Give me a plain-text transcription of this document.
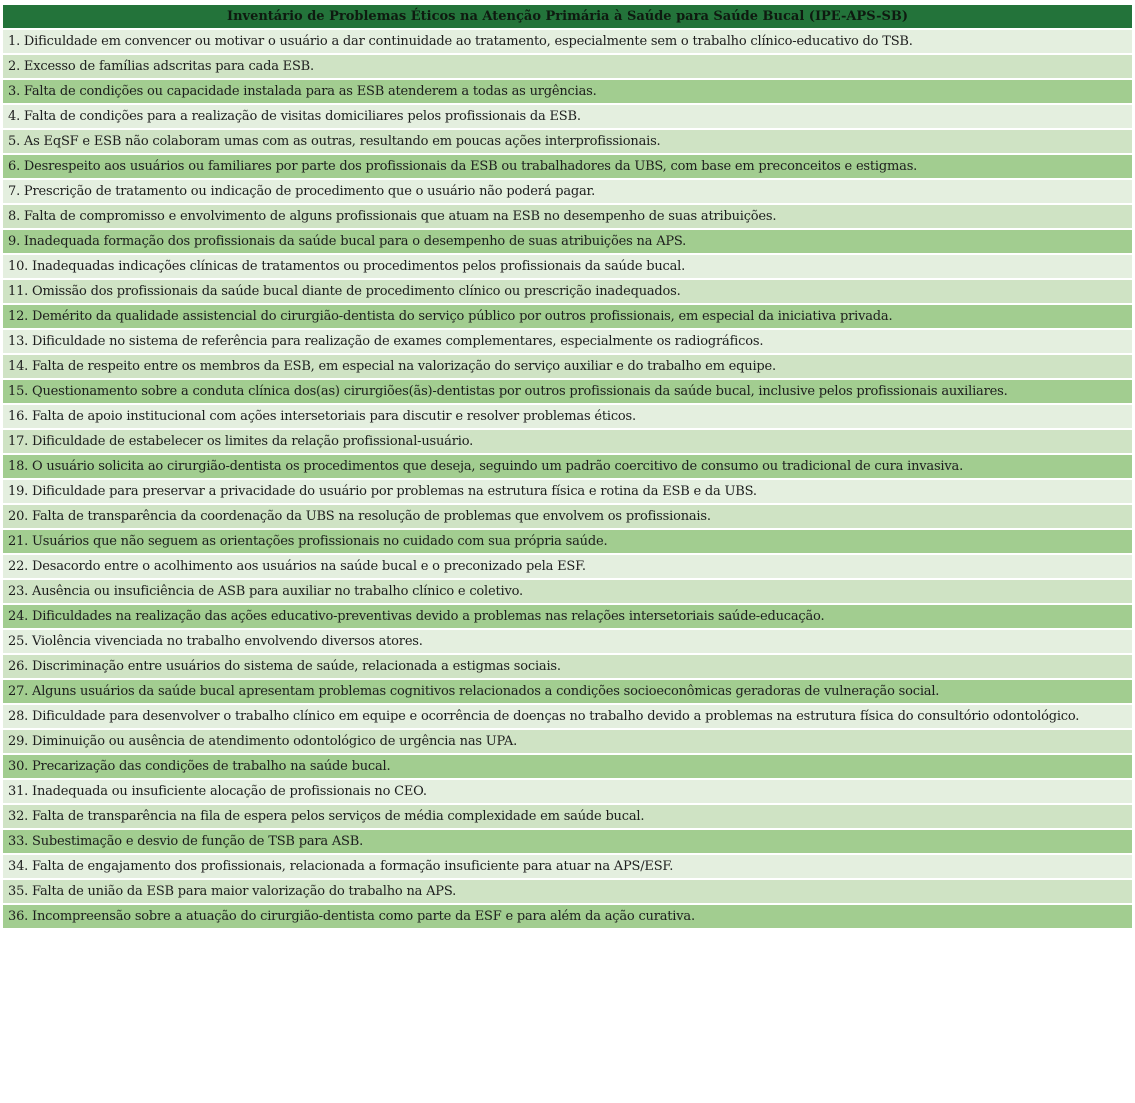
Inventário de Problemas Éticos na Atenção Primária à Saúde para Saúde Bucal (IPE-APS-SB)
1. Dificuldade em convencer ou motivar o usuário a dar continuidade ao tratamento, especialmente sem o trabalho clínico-educativo do TSB.
2. Excesso de famílias adscritas para cada ESB.
3. Falta de condições ou capacidade instalada para as ESB atenderem a todas as urgências.
4. Falta de condições para a realização de visitas domiciliares pelos profissionais da ESB.
5. As EqSF e ESB não colaboram umas com as outras, resultando em poucas ações interprofissionais.
6. Desrespeito aos usuários ou familiares por parte dos profissionais da ESB ou trabalhadores da UBS, com base em preconceitos e estigmas.
7. Prescrição de tratamento ou indicação de procedimento que o usuário não poderá pagar.
8. Falta de compromisso e envolvimento de alguns profissionais que atuam na ESB no desempenho de suas atribuições.
9. Inadequada formação dos profissionais da saúde bucal para o desempenho de suas atribuições na APS.
10. Inadequadas indicações clínicas de tratamentos ou procedimentos pelos profissionais da saúde bucal.
11. Omissão dos profissionais da saúde bucal diante de procedimento clínico ou prescrição inadequados.
12. Demérito da qualidade assistencial do cirurgião-dentista do serviço público por outros profissionais, em especial da iniciativa privada.
13. Dificuldade no sistema de referência para realização de exames complementares, especialmente os radiográficos.
14. Falta de respeito entre os membros da ESB, em especial na valorização do serviço auxiliar e do trabalho em equipe.
15. Questionamento sobre a conduta clínica dos(as) cirurgiões(ãs)-dentistas por outros profissionais da saúde bucal, inclusive pelos profissionais auxiliares.
16. Falta de apoio institucional com ações intersetoriais para discutir e resolver problemas éticos.
17. Dificuldade de estabelecer os limites da relação profissional-usuário.
18. O usuário solicita ao cirurgião-dentista os procedimentos que deseja, seguindo um padrão coercitivo de consumo ou tradicional de cura invasiva.
19. Dificuldade para preservar a privacidade do usuário por problemas na estrutura física e rotina da ESB e da UBS.
20. Falta de transparência da coordenação da UBS na resolução de problemas que envolvem os profissionais.
21. Usuários que não seguem as orientações profissionais no cuidado com sua própria saúde.
22. Desacordo entre o acolhimento aos usuários na saúde bucal e o preconizado pela ESF.
23. Ausência ou insuficiência de ASB para auxiliar no trabalho clínico e coletivo.
24. Dificuldades na realização das ações educativo-preventivas devido a problemas nas relações intersetoriais saúde-educação.
25. Violência vivenciada no trabalho envolvendo diversos atores.
26. Discriminação entre usuários do sistema de saúde, relacionada a estigmas sociais.
27. Alguns usuários da saúde bucal apresentam problemas cognitivos relacionados a condições socioeconômicas geradoras de vulneração social.
28. Dificuldade para desenvolver o trabalho clínico em equipe e ocorrência de doenças no trabalho devido a problemas na estrutura física do consultório odontológico.
29. Diminuição ou ausência de atendimento odontológico de urgência nas UPA.
30. Precarização das condições de trabalho na saúde bucal.
31. Inadequada ou insuficiente alocação de profissionais no CEO.
32. Falta de transparência na fila de espera pelos serviços de média complexidade em saúde bucal.
33. Subestimação e desvio de função de TSB para ASB.
34. Falta de engajamento dos profissionais, relacionada a formação insuficiente para atuar na APS/ESF.
35. Falta de união da ESB para maior valorização do trabalho na APS.
36. Incompreensão sobre a atuação do cirurgião-dentista como parte da ESF e para além da ação curativa.
